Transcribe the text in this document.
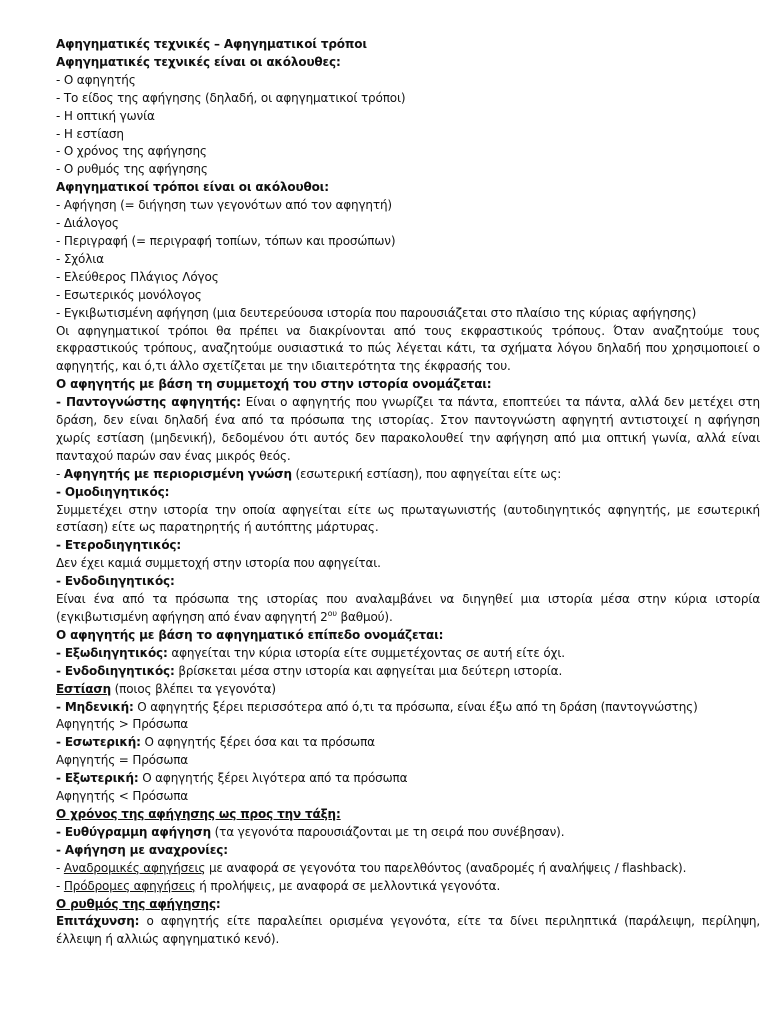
Αφηγηματικές τεχνικές – Αφηγηματικοί τρόποι
Αφηγηματικές τεχνικές είναι οι ακόλουθες:
- Ο αφηγητής
- Το είδος της αφήγησης (δηλαδή, οι αφηγηματικοί τρόποι)
- Η οπτική γωνία
- Η εστίαση
- Ο χρόνος της αφήγησης
- Ο ρυθμός της αφήγησης
Αφηγηματικοί τρόποι είναι οι ακόλουθοι:
- Αφήγηση (= διήγηση των γεγονότων από τον αφηγητή)
- Διάλογος
- Περιγραφή (= περιγραφή τοπίων, τόπων και προσώπων)
- Σχόλια
- Ελεύθερος Πλάγιος Λόγος
- Εσωτερικός μονόλογος
- Εγκιβωτισμένη αφήγηση (μια δευτερεύουσα ιστορία που παρουσιάζεται στο πλαίσιο της κύριας αφήγησης)
Οι αφηγηματικοί τρόποι θα πρέπει να διακρίνονται από τους εκφραστικούς τρόπους. Όταν αναζητούμε τους εκφραστικούς τρόπους, αναζητούμε ουσιαστικά το πώς λέγεται κάτι, τα σχήματα λόγου δηλαδή που χρησιμοποιεί ο αφηγητής, και ό,τι άλλο σχετίζεται με την ιδιαιτερότητα της έκφρασής του.
Ο αφηγητής με βάση τη συμμετοχή του στην ιστορία ονομάζεται:
- Παντογνώστης αφηγητής: Είναι ο αφηγητής που γνωρίζει τα πάντα, εποπτεύει τα πάντα, αλλά δεν μετέχει στη δράση, δεν είναι δηλαδή ένα από τα πρόσωπα της ιστορίας. Στον παντογνώστη αφηγητή αντιστοιχεί η αφήγηση χωρίς εστίαση (μηδενική), δεδομένου ότι αυτός δεν παρακολουθεί την αφήγηση από μια οπτική γωνία, αλλά είναι πανταχού παρών σαν ένας μικρός θεός.
- Αφηγητής με περιορισμένη γνώση (εσωτερική εστίαση), που αφηγείται είτε ως:
- Ομοδιηγητικός:
Συμμετέχει στην ιστορία την οποία αφηγείται είτε ως πρωταγωνιστής (αυτοδιηγητικός αφηγητής, με εσωτερική εστίαση) είτε ως παρατηρητής ή αυτόπτης μάρτυρας.
- Ετεροδιηγητικός:
Δεν έχει καμιά συμμετοχή στην ιστορία που αφηγείται.
- Ενδοδιηγητικός:
Είναι ένα από τα πρόσωπα της ιστορίας που αναλαμβάνει να διηγηθεί μια ιστορία μέσα στην κύρια ιστορία (εγκιβωτισμένη αφήγηση από έναν αφηγητή $2^{o\upsilon}$ βαθμού).
Ο αφηγητής με βάση το αφηγηματικό επίπεδο ονομάζεται:
- Εξωδιηγητικός: αφηγείται την κύρια ιστορία είτε συμμετέχοντας σε αυτή είτε όχι.
- Ενδοδιηγητικός: βρίσκεται μέσα στην ιστορία και αφηγείται μια δεύτερη ιστορία.
Εστίαση (ποιος βλέπει τα γεγονότα)
- Μηδενική: Ο αφηγητής ξέρει περισσότερα από ό,τι τα πρόσωπα, είναι έξω από τη δράση (παντογνώστης)
Αφηγητής > Πρόσωπα
- Εσωτερική: Ο αφηγητής ξέρει όσα και τα πρόσωπα
Αφηγητής = Πρόσωπα
- Εξωτερική: Ο αφηγητής ξέρει λιγότερα από τα πρόσωπα
Αφηγητής < Πρόσωπα
Ο χρόνος της αφήγησης ως προς την τάξη:
- Ευθύγραμμη αφήγηση (τα γεγονότα παρουσιάζονται με τη σειρά που συνέβησαν).
- Αφήγηση με αναχρονίες:
- Αναδρομικές αφηγήσεις με αναφορά σε γεγονότα του παρελθόντος (αναδρομές ή αναλήψεις / flashback).
- Πρόδρομες αφηγήσεις ή προλήψεις, με αναφορά σε μελλοντικά γεγονότα.
Ο ρυθμός της αφήγησης:
Επιτάχυνση: ο αφηγητής είτε παραλείπει ορισμένα γεγονότα, είτε τα δίνει περιληπτικά (παράλειψη, περίληψη, έλλειψη ή αλλιώς αφηγηματικό κενό).
